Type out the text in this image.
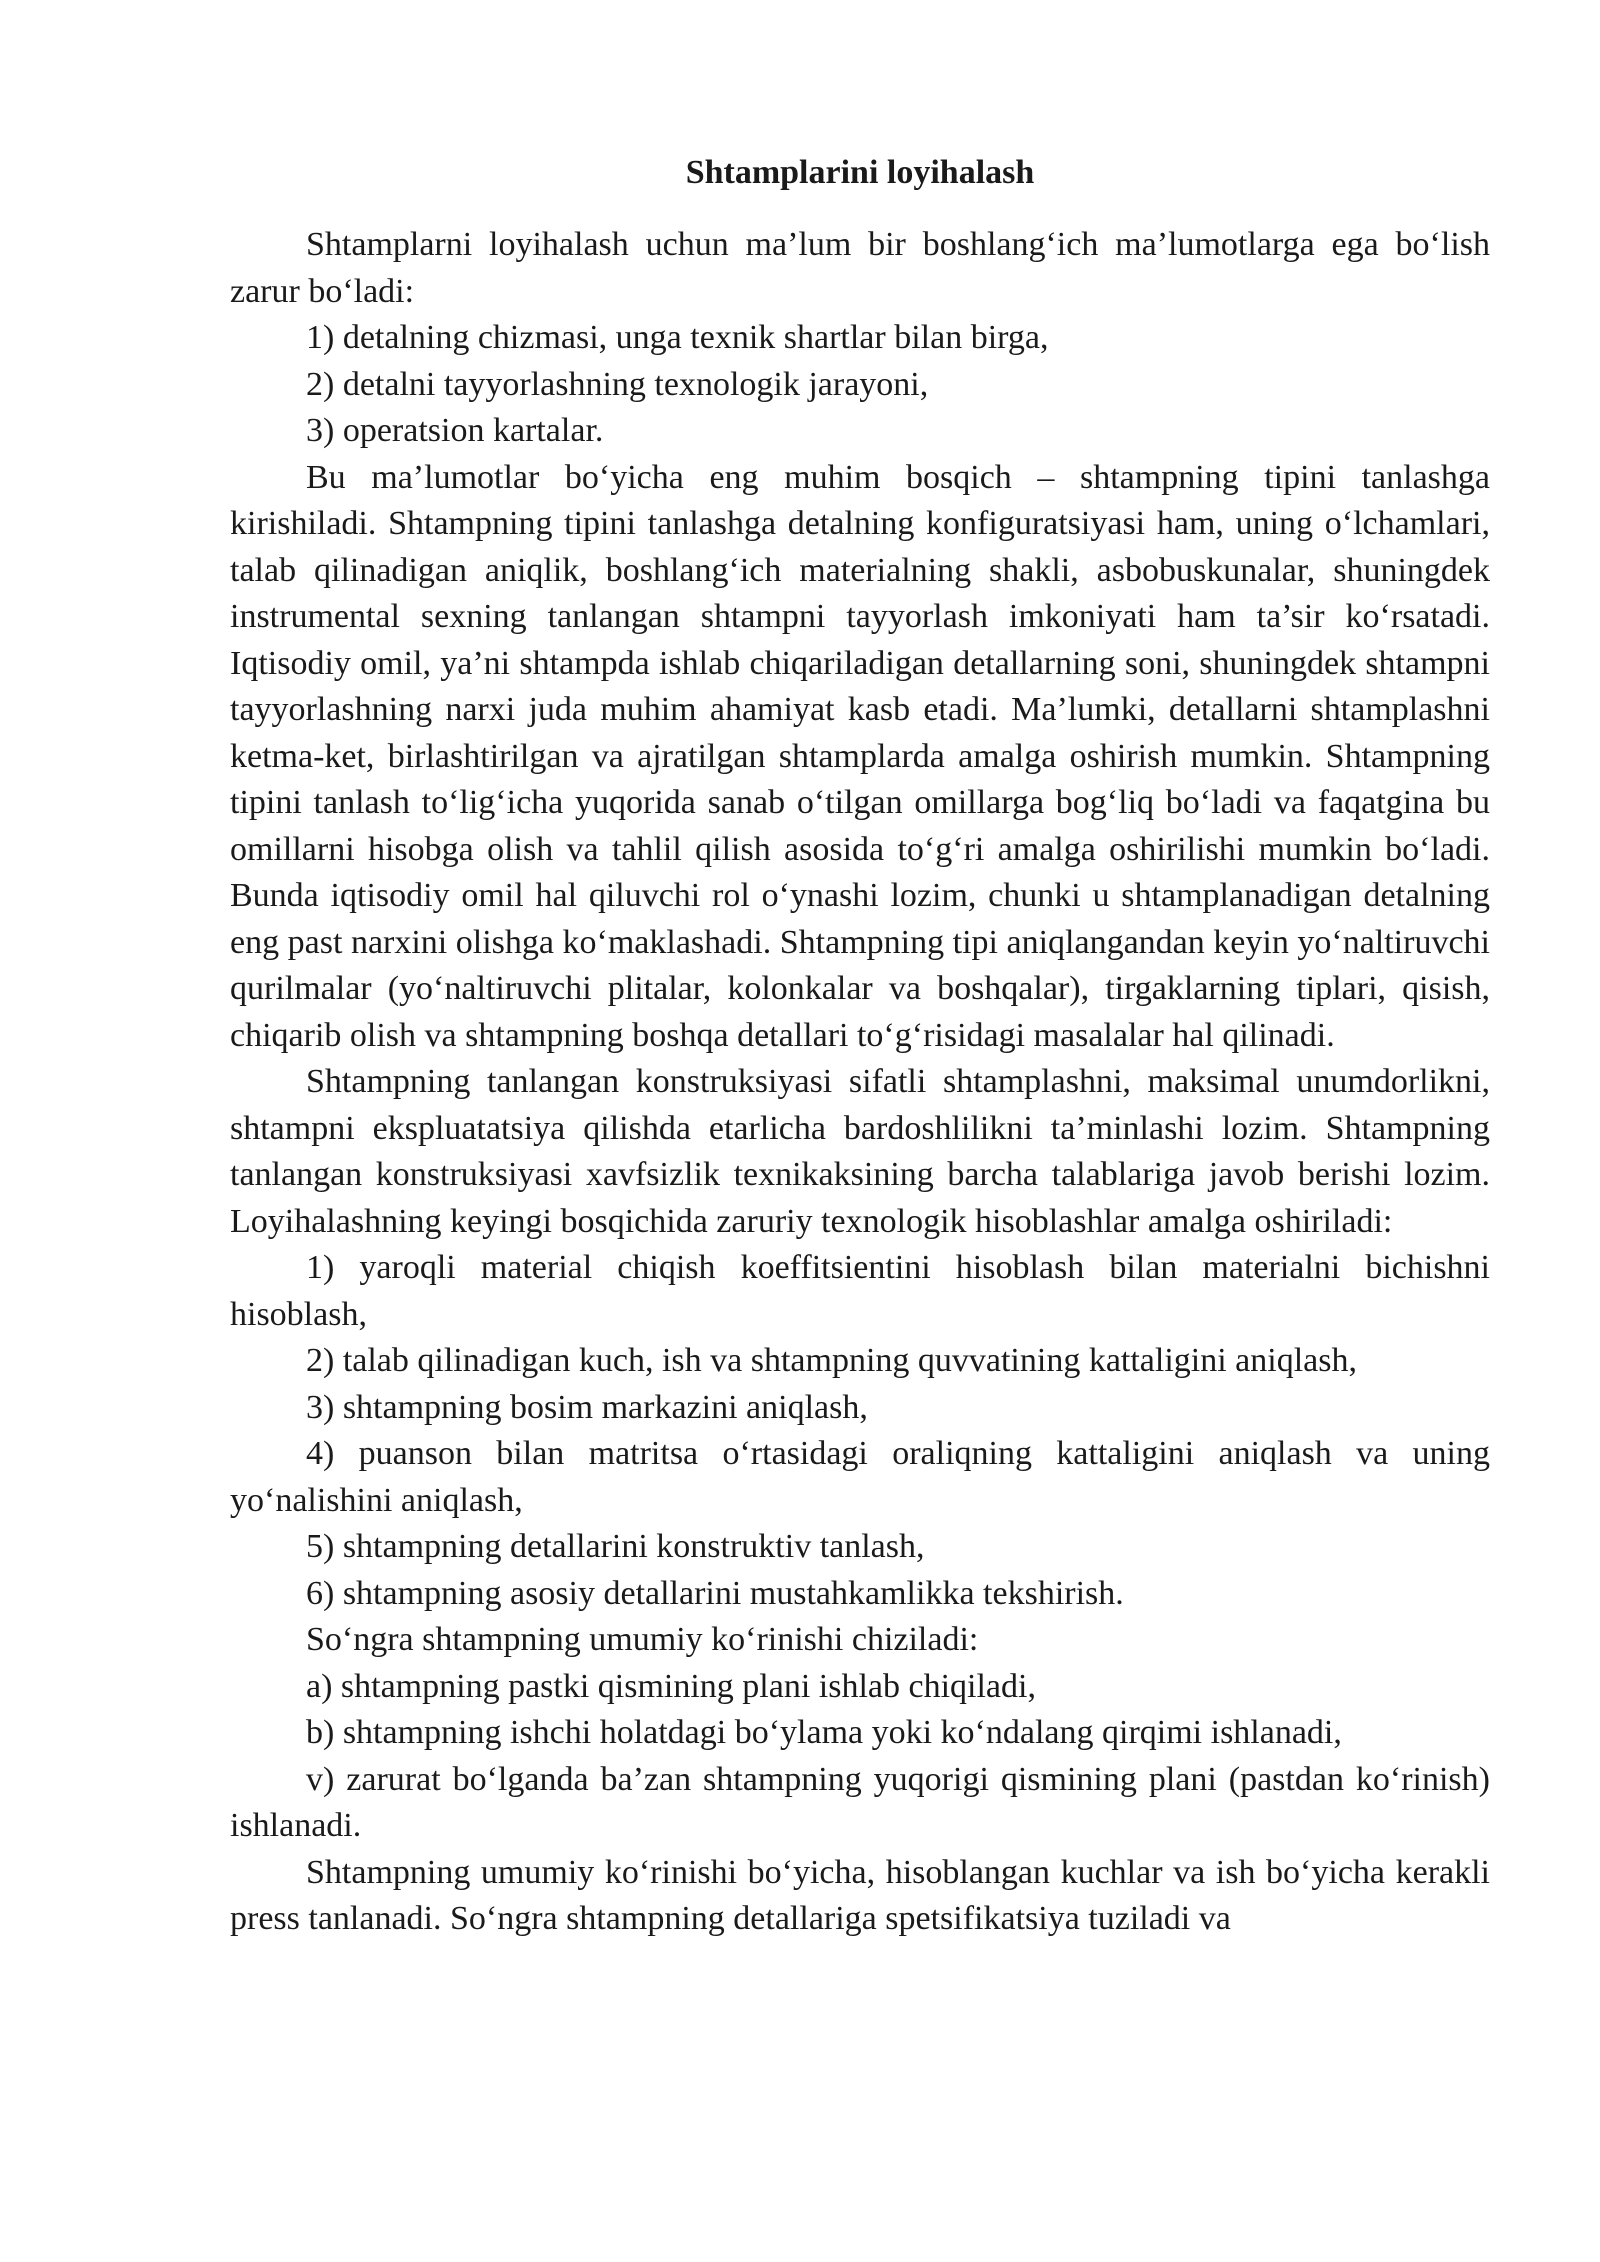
Shtamplarini loyihalash

Shtamplarni loyihalash uchun ma’lum bir boshlang‘ich ma’lumotlarga ega bo‘lish zarur bo‘ladi:

1) detalning chizmasi, unga texnik shartlar bilan birga,

2) detalni tayyorlashning texnologik jarayoni,

3) operatsion kartalar.

Bu ma’lumotlar bo‘yicha eng muhim bosqich – shtampning tipini tanlashga kirishiladi. Shtampning tipini tanlashga detalning konfiguratsiyasi ham, uning o‘lchamlari, talab qilinadigan aniqlik, boshlang‘ich materialning shakli, asbobuskunalar, shuningdek instrumental sexning tanlangan shtampni tayyorlash imkoniyati ham ta’sir ko‘rsatadi. Iqtisodiy omil, ya’ni shtampda ishlab chiqariladigan detallarning soni, shuningdek shtampni tayyorlashning narxi juda muhim ahamiyat kasb etadi. Ma’lumki, detallarni shtamplashni ketma-ket, birlashtirilgan va ajratilgan shtamplarda amalga oshirish mumkin. Shtampning tipini tanlash to‘lig‘icha yuqorida sanab o‘tilgan omillarga bog‘liq bo‘ladi va faqatgina bu omillarni hisobga olish va tahlil qilish asosida to‘g‘ri amalga oshirilishi mumkin bo‘ladi. Bunda iqtisodiy omil hal qiluvchi rol o‘ynashi lozim, chunki u shtamplanadigan detalning eng past narxini olishga ko‘maklashadi. Shtampning tipi aniqlangandan keyin yo‘naltiruvchi qurilmalar (yo‘naltiruvchi plitalar, kolonkalar va boshqalar), tirgaklarning tiplari, qisish, chiqarib olish va shtampning boshqa detallari to‘g‘risidagi masalalar hal qilinadi.

Shtampning tanlangan konstruksiyasi sifatli shtamplashni, maksimal unumdorlikni, shtampni ekspluatatsiya qilishda etarlicha bardoshlilikni ta’minlashi lozim. Shtampning tanlangan konstruksiyasi xavfsizlik texnikaksining barcha talablariga javob berishi lozim. Loyihalashning keyingi bosqichida zaruriy texnologik hisoblashlar amalga oshiriladi:

1) yaroqli material chiqish koeffitsientini hisoblash bilan materialni bichishni hisoblash,

2) talab qilinadigan kuch, ish va shtampning quvvatining kattaligini aniqlash,

3) shtampning bosim markazini aniqlash,

4) puanson bilan matritsa o‘rtasidagi oraliqning kattaligini aniqlash va uning yo‘nalishini aniqlash,

5) shtampning detallarini konstruktiv tanlash,

6) shtampning asosiy detallarini mustahkamlikka tekshirish.

So‘ngra shtampning umumiy ko‘rinishi chiziladi:

a) shtampning pastki qismining plani ishlab chiqiladi,

b) shtampning ishchi holatdagi bo‘ylama yoki ko‘ndalang qirqimi ishlanadi,

v) zarurat bo‘lganda ba’zan shtampning yuqorigi qismining plani (pastdan ko‘rinish) ishlanadi.

Shtampning umumiy ko‘rinishi bo‘yicha, hisoblangan kuchlar va ish bo‘yicha kerakli press tanlanadi. So‘ngra shtampning detallariga spetsifikatsiya tuziladi va
